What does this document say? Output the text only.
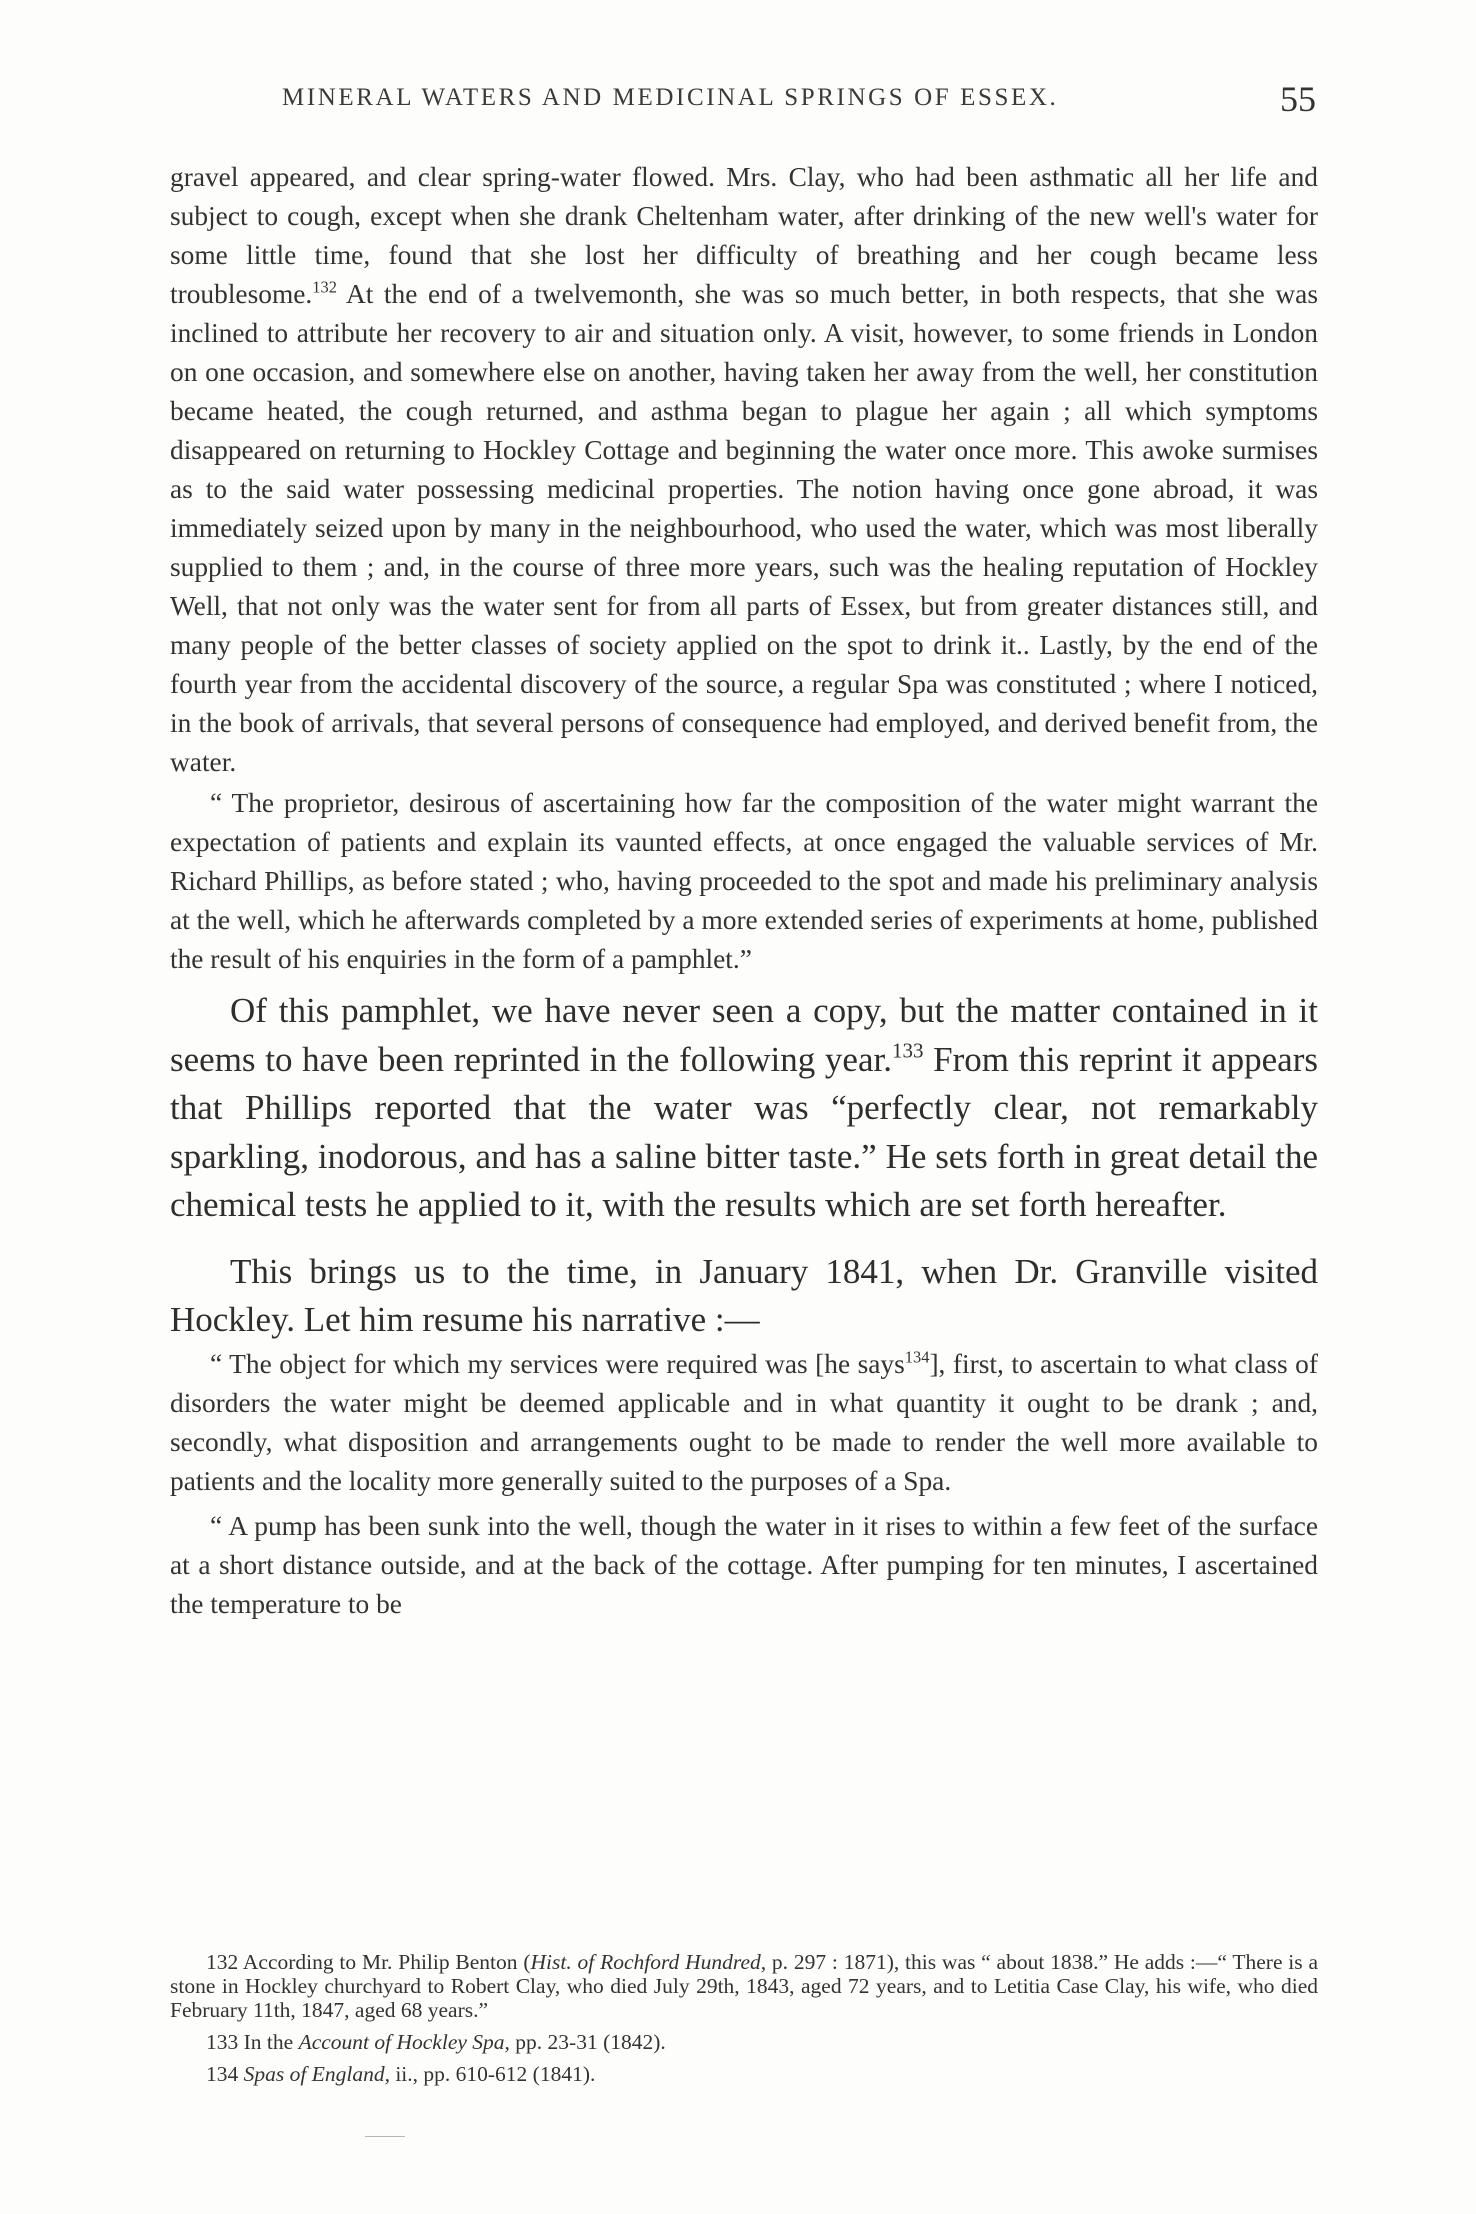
MINERAL WATERS AND MEDICINAL SPRINGS OF ESSEX.	55

gravel appeared, and clear spring-water flowed. Mrs. Clay, who had been asthmatic all her life and subject to cough, except when she drank Cheltenham water, after drinking of the new well's water for some little time, found that she lost her difficulty of breathing and her cough became less troublesome.$^{132}$ At the end of a twelvemonth, she was so much better, in both respects, that she was inclined to attribute her recovery to air and situation only. A visit, however, to some friends in London on one occasion, and somewhere else on another, having taken her away from the well, her constitution became heated, the cough returned, and asthma began to plague her again ; all which symptoms disappeared on returning to Hockley Cottage and beginning the water once more. This awoke surmises as to the said water possessing medicinal properties. The notion having once gone abroad, it was immediately seized upon by many in the neighbourhood, who used the water, which was most liberally supplied to them ; and, in the course of three more years, such was the healing reputation of Hockley Well, that not only was the water sent for from all parts of Essex, but from greater distances still, and many people of the better classes of society applied on the spot to drink it.. Lastly, by the end of the fourth year from the accidental discovery of the source, a regular Spa was constituted ; where I noticed, in the book of arrivals, that several persons of consequence had employed, and derived benefit from, the water.

“ The proprietor, desirous of ascertaining how far the composition of the water might warrant the expectation of patients and explain its vaunted effects, at once engaged the valuable services of Mr. Richard Phillips, as before stated ; who, having proceeded to the spot and made his preliminary analysis at the well, which he afterwards completed by a more extended series of experiments at home, published the result of his enquiries in the form of a pamphlet.”

Of this pamphlet, we have never seen a copy, but the matter contained in it seems to have been reprinted in the following year.$^{133}$ From this reprint it appears that Phillips reported that the water was “perfectly clear, not remarkably sparkling, inodorous, and has a saline bitter taste.” He sets forth in great detail the chemical tests he applied to it, with the results which are set forth hereafter.

This brings us to the time, in January 1841, when Dr. Granville visited Hockley. Let him resume his narrative :—

“ The object for which my services were required was [he says$^{134}$], first, to ascertain to what class of disorders the water might be deemed applicable and in what quantity it ought to be drank ; and, secondly, what disposition and arrangements ought to be made to render the well more available to patients and the locality more generally suited to the purposes of a Spa.

“ A pump has been sunk into the well, though the water in it rises to within a few feet of the surface at a short distance outside, and at the back of the cottage. After pumping for ten minutes, I ascertained the temperature to be

132 According to Mr. Philip Benton (Hist. of Rochford Hundred, p. 297 : 1871), this was “ about 1838.” He adds :—“ There is a stone in Hockley churchyard to Robert Clay, who died July 29th, 1843, aged 72 years, and to Letitia Case Clay, his wife, who died February 11th, 1847, aged 68 years.”

133 In the Account of Hockley Spa, pp. 23-31 (1842).

134 Spas of England, ii., pp. 610-612 (1841).
